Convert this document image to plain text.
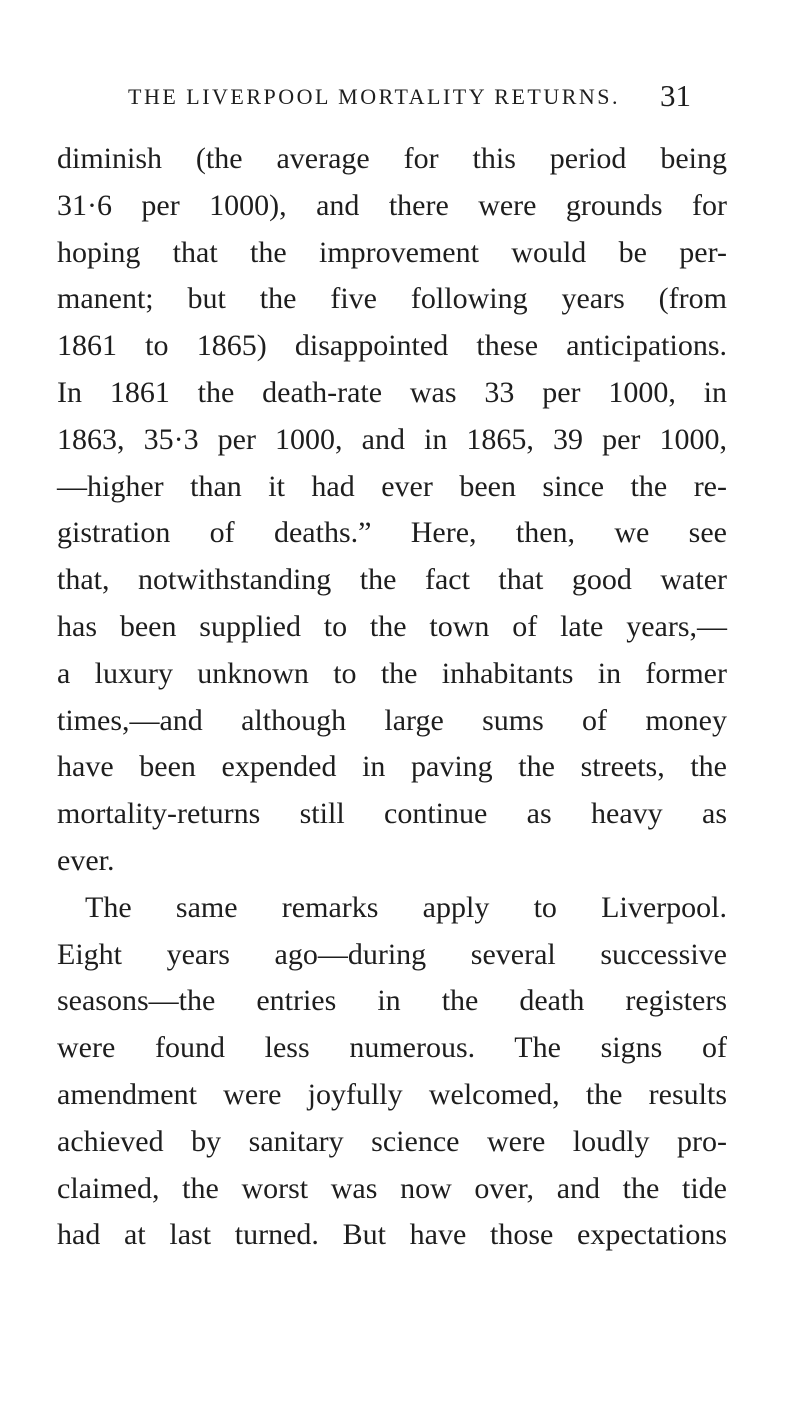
THE LIVERPOOL MORTALITY RETURNS. 31
diminish (the average for this period being
31·6 per 1000), and there were grounds for
hoping that the improvement would be per-
manent; but the five following years (from
1861 to 1865) disappointed these anticipations.
In 1861 the death-rate was 33 per 1000, in
1863, 35·3 per 1000, and in 1865, 39 per 1000,
—higher than it had ever been since the re-
gistration of deaths.” Here, then, we see
that, notwithstanding the fact that good water
has been supplied to the town of late years,—
a luxury unknown to the inhabitants in former
times,—and although large sums of money
have been expended in paving the streets, the
mortality-returns still continue as heavy as
ever.
The same remarks apply to Liverpool.
Eight years ago—during several successive
seasons—the entries in the death registers
were found less numerous. The signs of
amendment were joyfully welcomed, the results
achieved by sanitary science were loudly pro-
claimed, the worst was now over, and the tide
had at last turned. But have those expectations
